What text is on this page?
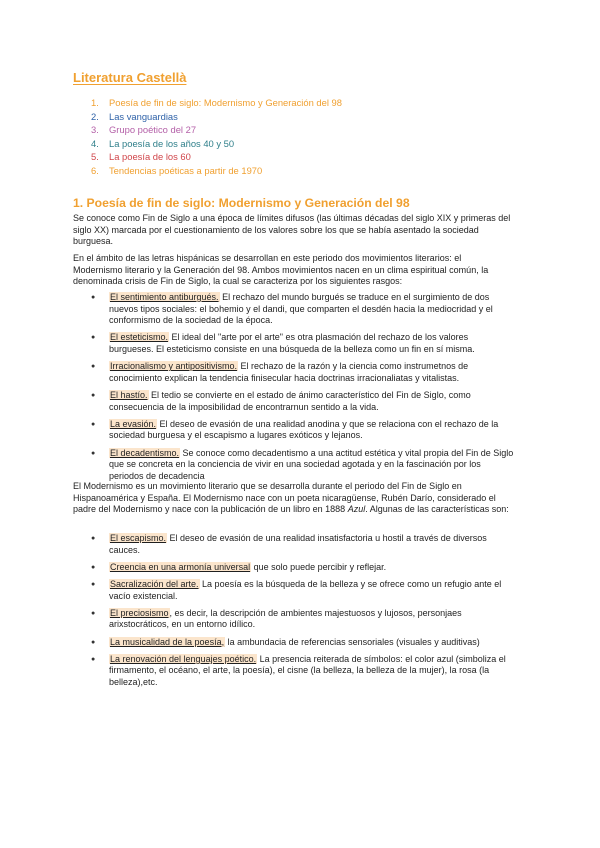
Literatura Castellà
1. Poesía de fin de siglo: Modernismo y Generación del 98
2. Las vanguardias
3. Grupo poético del 27
4. La poesía de los años 40 y 50
5. La poesía de los 60
6. Tendencias poéticas a partir de 1970
1. Poesía de fin de siglo: Modernismo y Generación del 98

Se conoce como Fin de Siglo a una época de límites difusos (las últimas décadas del siglo XIX y primeras del siglo XX) marcada por el cuestionamiento de los valores sobre los que se había asentado la sociedad burguesa.

En el ámbito de las letras hispánicas se desarrollan en este periodo dos movimientos literarios: el Modernismo literario y la Generación del 98. Ambos movimientos nacen en un clima espiritual común, la denominada crisis de Fin de Siglo, la cual se caracteriza por los siguientes rasgos:

● El sentimiento antiburgués. El rechazo del mundo burgués se traduce en el surgimiento de dos nuevos tipos sociales: el bohemio y el dandi, que comparten el desdén hacia la mediocridad y el conformismo de la sociedad de la época.
● El esteticismo. El ideal del "arte por el arte" es otra plasmación del rechazo de los valores burgueses. El esteticismo consiste en una búsqueda de la belleza como un fin en sí misma.
● Irracionalismo y antipositivismo. El rechazo de la razón y la ciencia como instrumetnos de conocimiento explican la tendencia finisecular hacia doctrinas irracionaliatas y vitalistas.
● El hastío. El tedio se convierte en el estado de ánimo característico del Fin de Siglo, como consecuencia de la imposibilidad de encontrarnun sentido a la vida.
● La evasión. El deseo de evasión de una realidad anodina y que se relaciona con el rechazo de la sociedad burguesa y el escapismo a lugares exóticos y lejanos.
● El decadentismo. Se conoce como decadentismo a una actitud estética y vital propia del Fin de Siglo que se concreta en la conciencia de vivir en una sociedad agotada y en la fascinación por los periodos de decadencia

El Modernismo es un movimiento literario que se desarrolla durante el periodo del Fin de Siglo en Hispanoamérica y España. El Modernismo nace con un poeta nicaragüense, Rubén Darío, considerado el padre del Modernismo y nace con la publicación de un libro en 1888 Azul. Algunas de las características son:

● El escapismo. El deseo de evasión de una realidad insatisfactoria u hostil a través de diversos cauces.
● Creencia en una armonía universal que solo puede percibir y reflejar.
● Sacralización del arte. La poesía es la búsqueda de la belleza y se ofrece como un refugio ante el vacío existencial.
● El preciosismo, es decir, la descripción de ambientes majestuosos y lujosos, personjaes arixstocráticos, en un entorno idílico.
● La musicalidad de la poesía, la ambundacia de referencias sensoriales (visuales y auditivas)
● La renovación del lenguajes poético. La presencia reiterada de símbolos: el color azul (simboliza el firmamento, el océano, el arte, la poesía), el cisne (la belleza, la belleza de la mujer), la rosa (la belleza),etc.
